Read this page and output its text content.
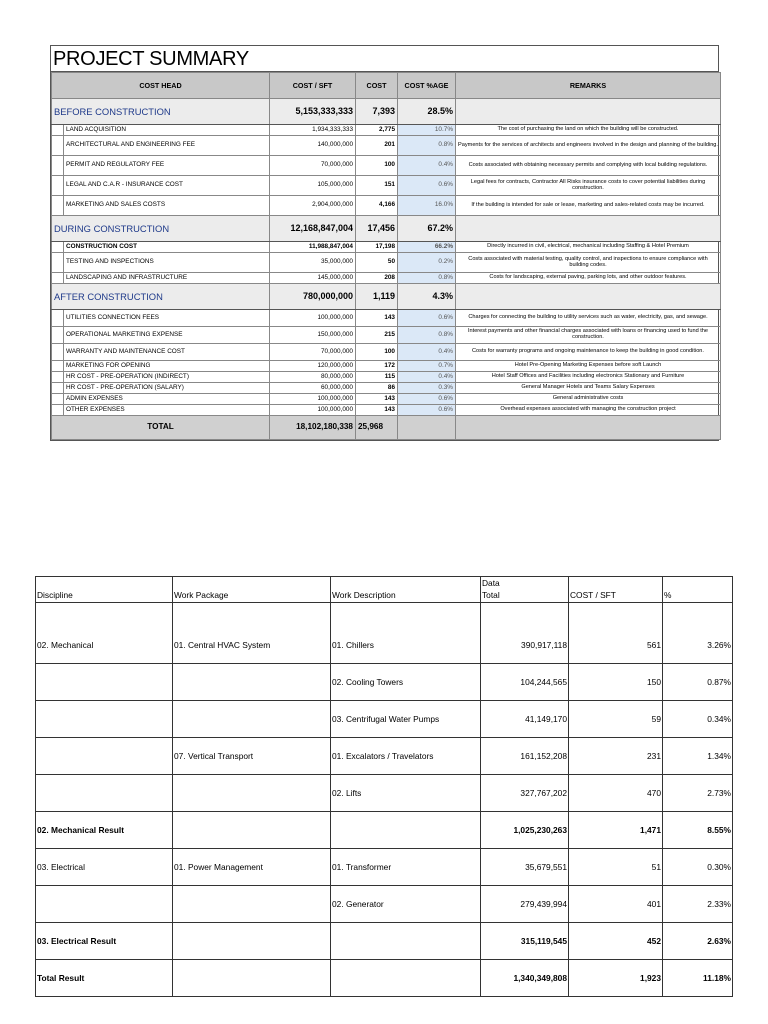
PROJECT SUMMARY
COST HEAD		COST / SFT	COST	COST %AGE	REMARKS
BEFORE CONSTRUCTION		5,153,333,333	7,393	28.5%	
	LAND ACQUISITION	1,934,333,333	2,775	10.7%	The cost of purchasing the land on which the building will be constructed.
	ARCHITECTURAL AND ENGINEERING FEE	140,000,000	201	0.8%	Payments for the services of architects and engineers involved in the design and planning of the building.
	PERMIT AND REGULATORY FEE	70,000,000	100	0.4%	Costs associated with obtaining necessary permits and complying with local building regulations.
	LEGAL AND C.A.R - INSURANCE COST	105,000,000	151	0.6%	Legal fees for contracts, Contractor All Risks insurance costs to cover potential liabilities during construction.
	MARKETING AND SALES COSTS	2,904,000,000	4,166	16.0%	If the building is intended for sale or lease, marketing and sales-related costs may be incurred.
DURING CONSTRUCTION		12,168,847,004	17,456	67.2%	
	CONSTRUCTION COST	11,988,847,004	17,198	66.2%	Directly incurred in civil, electrical, mechanical including Staffing & Hotel Premium
	TESTING AND INSPECTIONS	35,000,000	50	0.2%	Costs associated with material testing, quality control, and inspections to ensure compliance with building codes.
	LANDSCAPING AND INFRASTRUCTURE	145,000,000	208	0.8%	Costs for landscaping, external paving, parking lots, and other outdoor features.
AFTER CONSTRUCTION		780,000,000	1,119	4.3%	
	UTILITIES CONNECTION FEES	100,000,000	143	0.6%	Charges for connecting the building to utility services such as water, electricity, gas, and sewage.
	OPERATIONAL MARKETING EXPENSE	150,000,000	215	0.8%	Interest payments and other financial charges associated with loans or financing used to fund the construction.
	WARRANTY AND MAINTENANCE COST	70,000,000	100	0.4%	Costs for warranty programs and ongoing maintenance to keep the building in good condition.
	MARKETING FOR OPENING	120,000,000	172	0.7%	Hotel Pre-Opening Marketing Expenses before soft Launch
	HR COST - PRE-OPERATION (INDIRECT)	80,000,000	115	0.4%	Hotel Staff Offices and Facilities including electronics Stationary and Furniture
	HR COST - PRE-OPERATION (SALARY)	60,000,000	86	0.3%	General Manager Hotels and Teams Salary Expenses
	ADMIN EXPENSES	100,000,000	143	0.6%	General administrative costs
	OTHER EXPENSES	100,000,000	143	0.6%	Overhead expenses associated with managing the construction project
TOTAL		18,102,180,338	25,968		
			Data		
Discipline	Work Package	Work Description	Total	COST / SFT	%

02. Mechanical	01. Central HVAC System	01. Chillers	390,917,118	561	3.26%
		02. Cooling Towers	104,244,565	150	0.87%
		03. Centrifugal Water Pumps	41,149,170	59	0.34%
	07. Vertical Transport	01. Excalators / Travelators	161,152,208	231	1.34%
		02. Lifts	327,767,202	470	2.73%
02. Mechanical Result			1,025,230,263	1,471	8.55%
03. Electrical	01. Power Management	01. Transformer	35,679,551	51	0.30%
		02. Generator	279,439,994	401	2.33%
03. Electrical Result			315,119,545	452	2.63%
Total Result			1,340,349,808	1,923	11.18%
